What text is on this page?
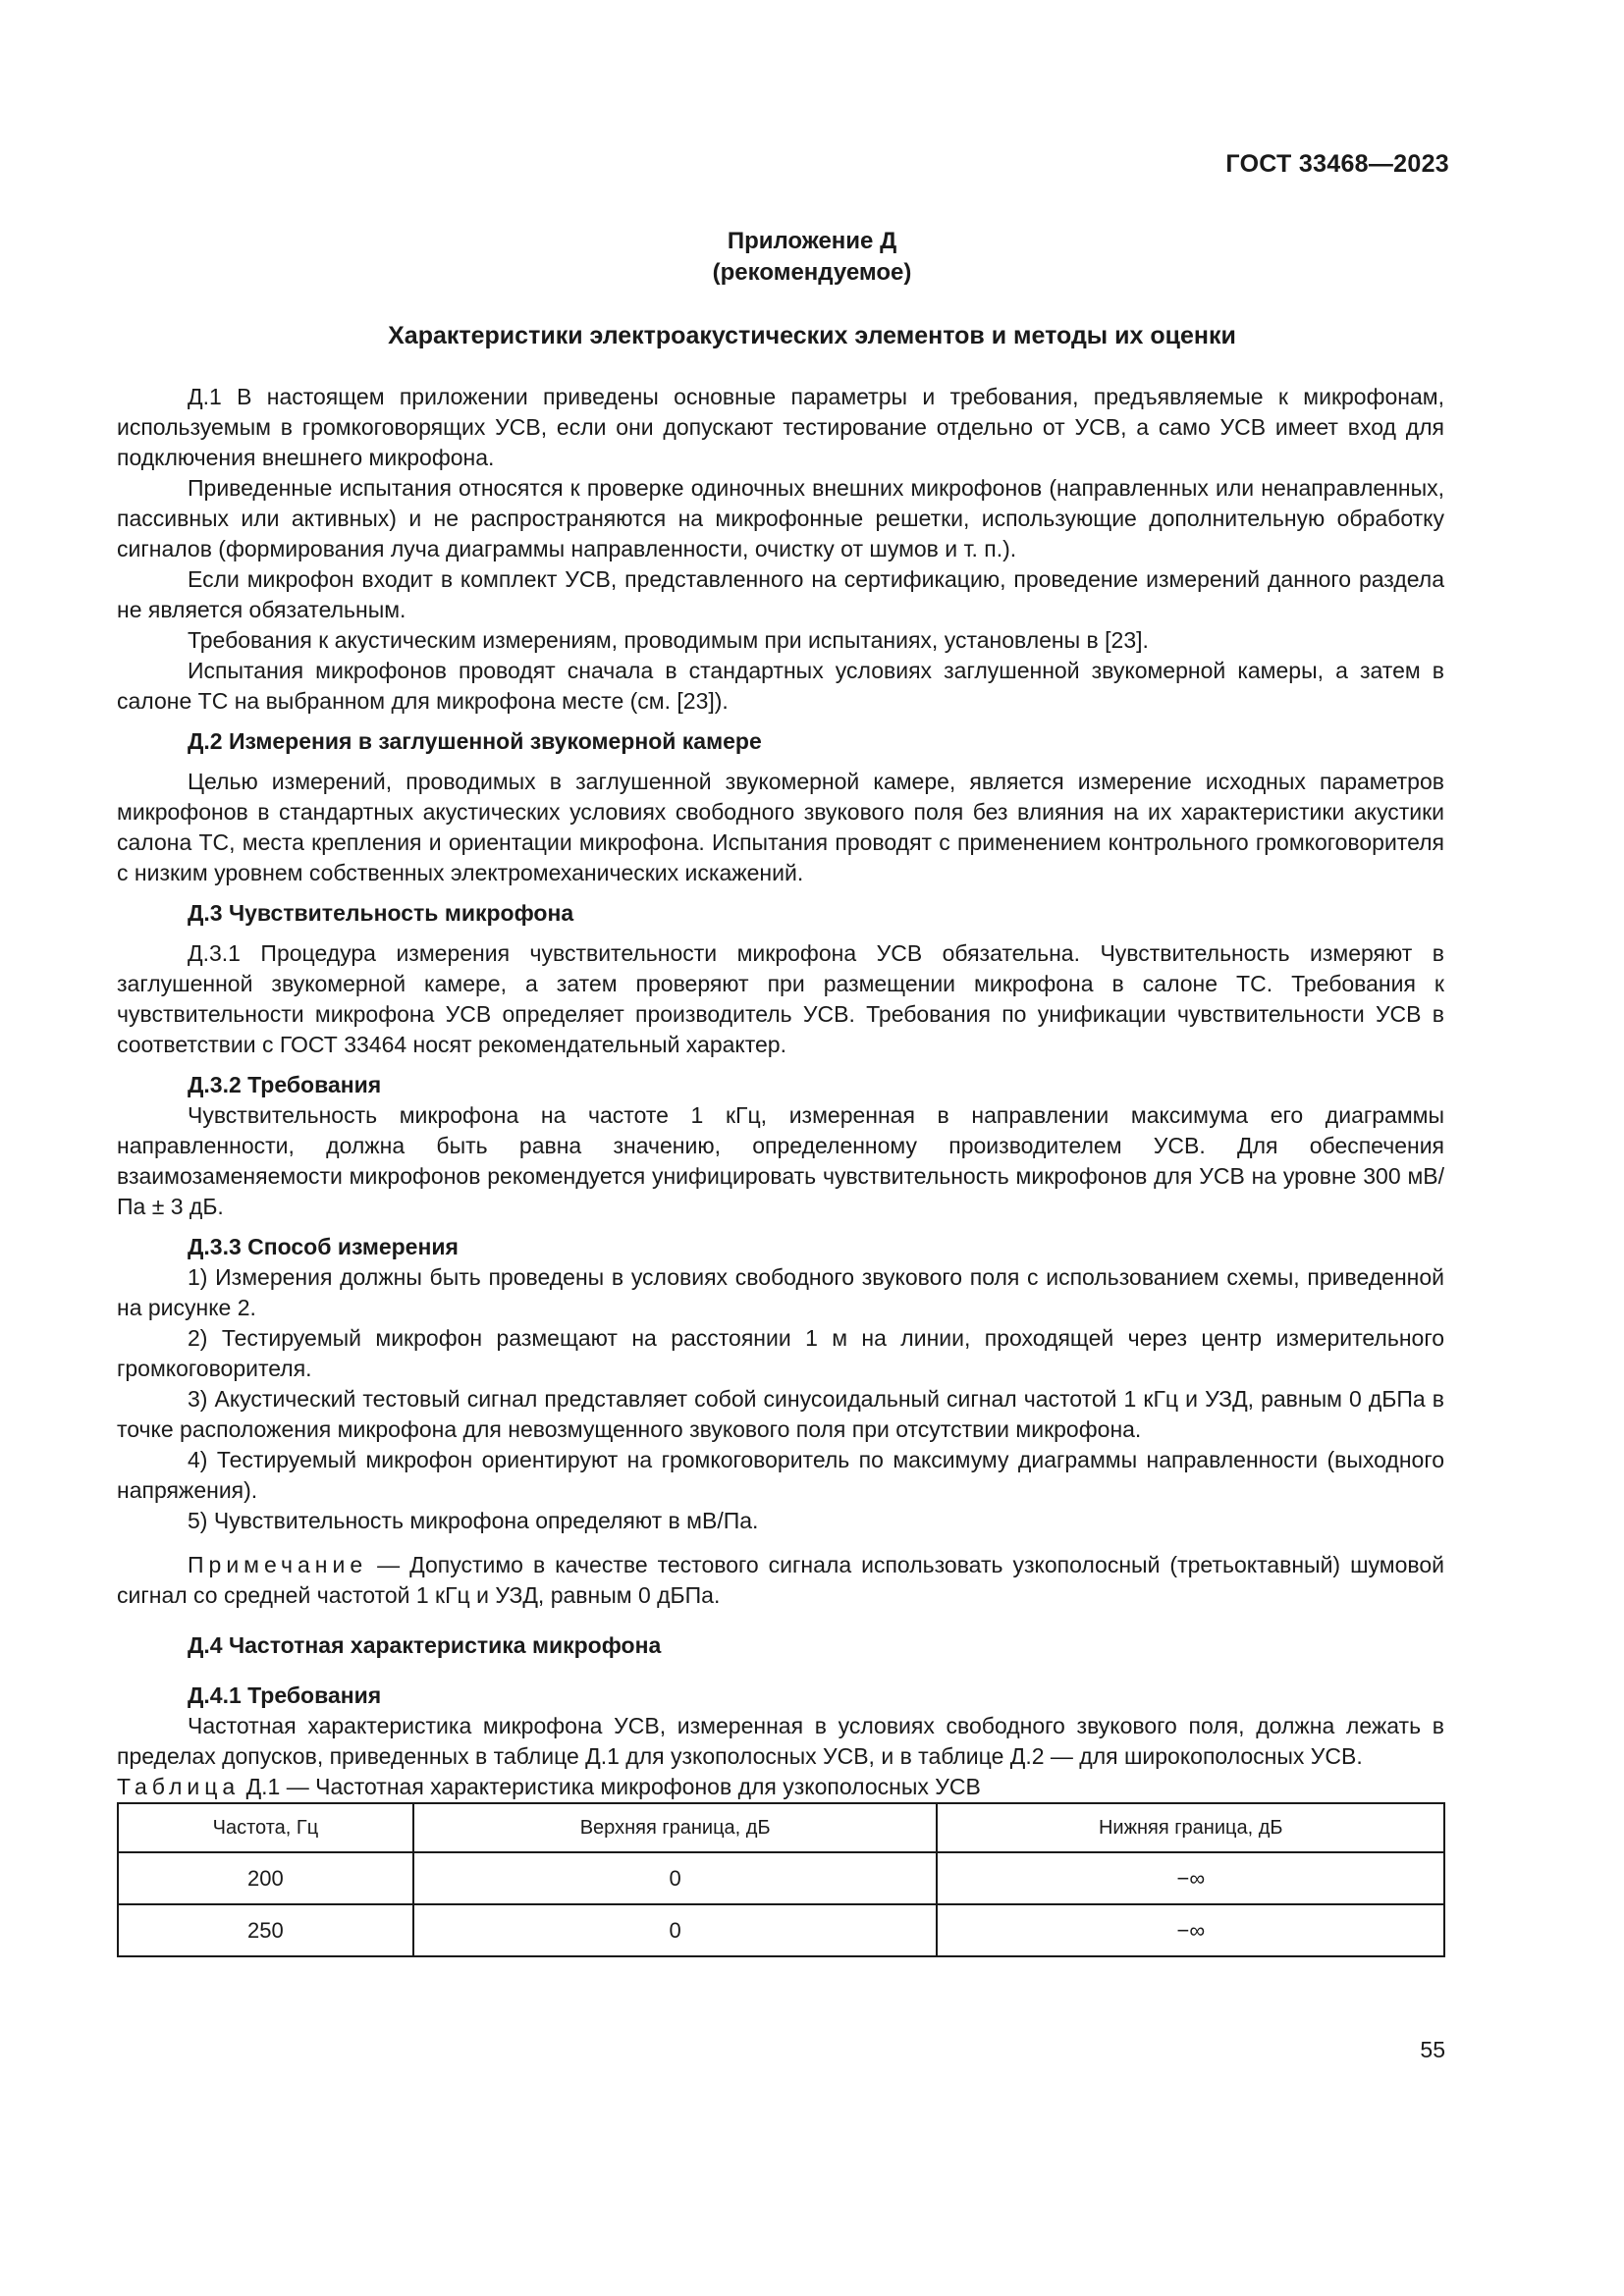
ГОСТ 33468—2023
Приложение Д
(рекомендуемое)
Характеристики электроакустических элементов и методы их оценки

Д.1 В настоящем приложении приведены основные параметры и требования, предъявляемые к микрофонам, используемым в громкоговорящих УСВ, если они допускают тестирование отдельно от УСВ, а само УСВ имеет вход для подключения внешнего микрофона.

Приведенные испытания относятся к проверке одиночных внешних микрофонов (направленных или ненаправленных, пассивных или активных) и не распространяются на микрофонные решетки, использующие дополнительную обработку сигналов (формирования луча диаграммы направленности, очистку от шумов и т. п.).

Если микрофон входит в комплект УСВ, представленного на сертификацию, проведение измерений данного раздела не является обязательным.

Требования к акустическим измерениям, проводимым при испытаниях, установлены в [23].

Испытания микрофонов проводят сначала в стандартных условиях заглушенной звукомерной камеры, а затем в салоне ТС на выбранном для микрофона месте (см. [23]).

Д.2 Измерения в заглушенной звукомерной камере

Целью измерений, проводимых в заглушенной звукомерной камере, является измерение исходных параметров микрофонов в стандартных акустических условиях свободного звукового поля без влияния на их характеристики акустики салона ТС, места крепления и ориентации микрофона. Испытания проводят с применением контрольного громкоговорителя с низким уровнем собственных электромеханических искажений.

Д.3 Чувствительность микрофона

Д.3.1 Процедура измерения чувствительности микрофона УСВ обязательна. Чувствительность измеряют в заглушенной звукомерной камере, а затем проверяют при размещении микрофона в салоне ТС. Требования к чувствительности микрофона УСВ определяет производитель УСВ. Требования по унификации чувствительности УСВ в соответствии с ГОСТ 33464 носят рекомендательный характер.

Д.3.2 Требования

Чувствительность микрофона на частоте 1 кГц, измеренная в направлении максимума его диаграммы направленности, должна быть равна значению, определенному производителем УСВ. Для обеспечения взаимозаменяемости микрофонов рекомендуется унифицировать чувствительность микрофонов для УСВ на уровне 300 мВ/Па ± 3 дБ.

Д.3.3 Способ измерения

1) Измерения должны быть проведены в условиях свободного звукового поля с использованием схемы, приведенной на рисунке 2.

2) Тестируемый микрофон размещают на расстоянии 1 м на линии, проходящей через центр измерительного громкоговорителя.

3) Акустический тестовый сигнал представляет собой синусоидальный сигнал частотой 1 кГц и УЗД, равным 0 дБПа в точке расположения микрофона для невозмущенного звукового поля при отсутствии микрофона.

4) Тестируемый микрофон ориентируют на громкоговоритель по максимуму диаграммы направленности (выходного напряжения).

5) Чувствительность микрофона определяют в мВ/Па.

Примечание — Допустимо в качестве тестового сигнала использовать узкополосный (третьоктавный) шумовой сигнал со средней частотой 1 кГц и УЗД, равным 0 дБПа.

Д.4 Частотная характеристика микрофона
Д.4.1 Требования

Частотная характеристика микрофона УСВ, измеренная в условиях свободного звукового поля, должна лежать в пределах допусков, приведенных в таблице Д.1 для узкополосных УСВ, и в таблице Д.2 — для широкополосных УСВ.

Таблица Д.1 — Частотная характеристика микрофонов для узкополосных УСВ

Частота, Гц	Верхняя граница, дБ	Нижняя граница, дБ
200	0	−∞
250	0	−∞
55
